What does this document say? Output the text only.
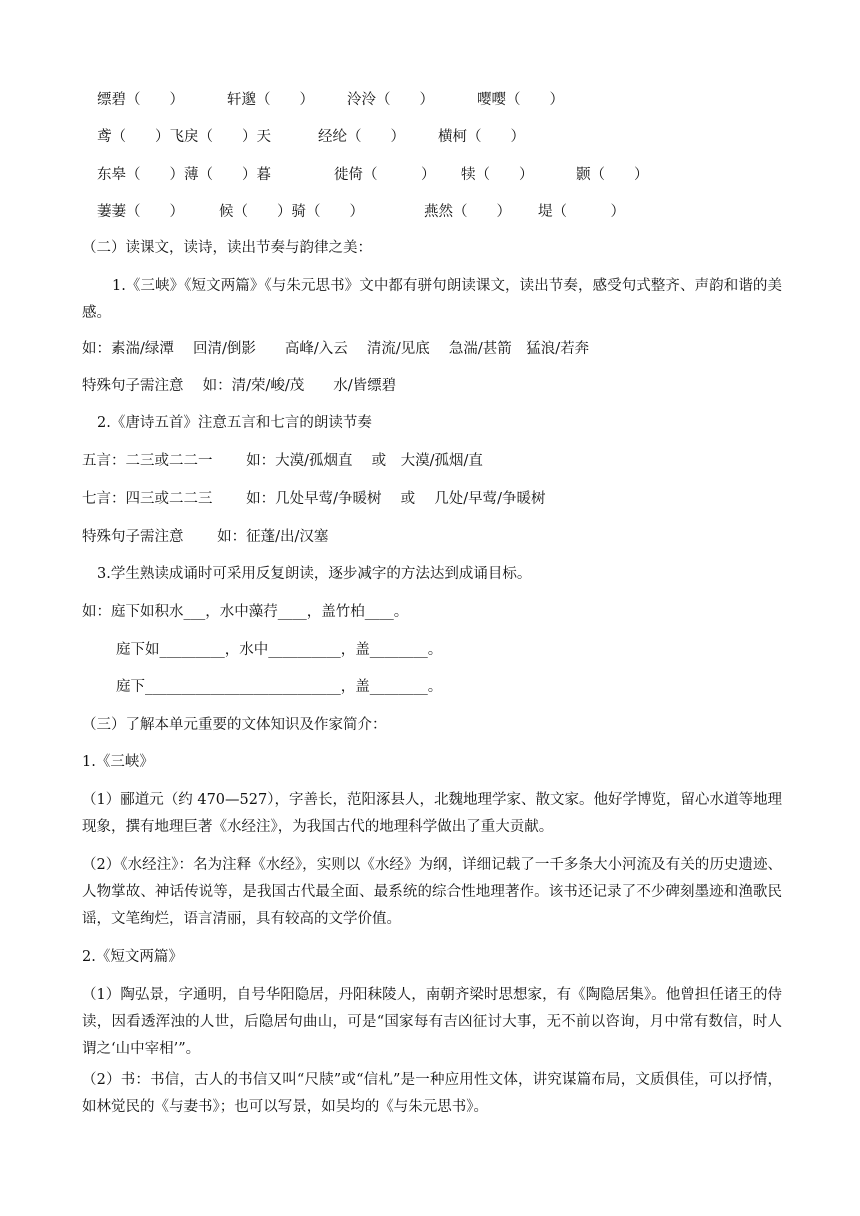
缥碧（　　）	轩邈（　　） 泠泠（　　）	嘤嘤（　　）
鸢（　　）飞戾（　　）天	经纶（　　） 横柯（　　）
东皋（　　）薄（　　）暮	徙倚（　　　） 犊（　　）	颢（　　）
萋萋（　　） 候（　　）骑（　　）	燕然（　　） 堤（　　　）
（二）读课文，读诗，读出节奏与韵律之美：
1.《三峡》《短文两篇》《与朱元思书》文中都有骈句朗读课文，读出节奏，感受句式整齐、声韵和谐的美感。
如：素湍/绿潭　 回清/倒影　　高峰/入云　 清流/见底　 急湍/甚箭　猛浪/若奔
特殊句子需注意　 如：清/荣/峻/茂　　水/皆缥碧
2.《唐诗五首》注意五言和七言的朗读节奏
五言：二三或二二一　　 如：大漠/孤烟直　 或　大漠/孤烟/直
七言：四三或二二三　　 如：几处早莺/争暖树　 或　 几处/早莺/争暖树
特殊句子需注意　　 如：征蓬/出/汉塞
3.学生熟读成诵时可采用反复朗读，逐步减字的方法达到成诵目标。
如：庭下如积水___，水中藻荇____，盖竹柏____。
庭下如_________，水中__________，盖________。
庭下___________________________，盖________。
（三）了解本单元重要的文体知识及作家简介：
1.《三峡》
（1）郦道元（约 470—527），字善长，范阳涿县人，北魏地理学家、散文家。他好学博览，留心水道等地理现象，撰有地理巨著《水经注》，为我国古代的地理科学做出了重大贡献。
（2）《水经注》：名为注释《水经》，实则以《水经》为纲，详细记载了一千多条大小河流及有关的历史遗迹、人物掌故、神话传说等，是我国古代最全面、最系统的综合性地理著作。该书还记录了不少碑刻墨迹和渔歌民谣，文笔绚烂，语言清丽，具有较高的文学价值。
2.《短文两篇》
（1）陶弘景，字通明，自号华阳隐居，丹阳秣陵人，南朝齐梁时思想家，有《陶隐居集》。他曾担任诸王的侍读，因看透浑浊的人世，后隐居句曲山，可是“国家每有吉凶征讨大事，无不前以咨询，月中常有数信，时人谓之‘山中宰相’”。
（2）书：书信，古人的书信又叫“尺牍”或“信札”是一种应用性文体，讲究谋篇布局，文质俱佳，可以抒情，如林觉民的《与妻书》；也可以写景，如吴均的《与朱元思书》。
